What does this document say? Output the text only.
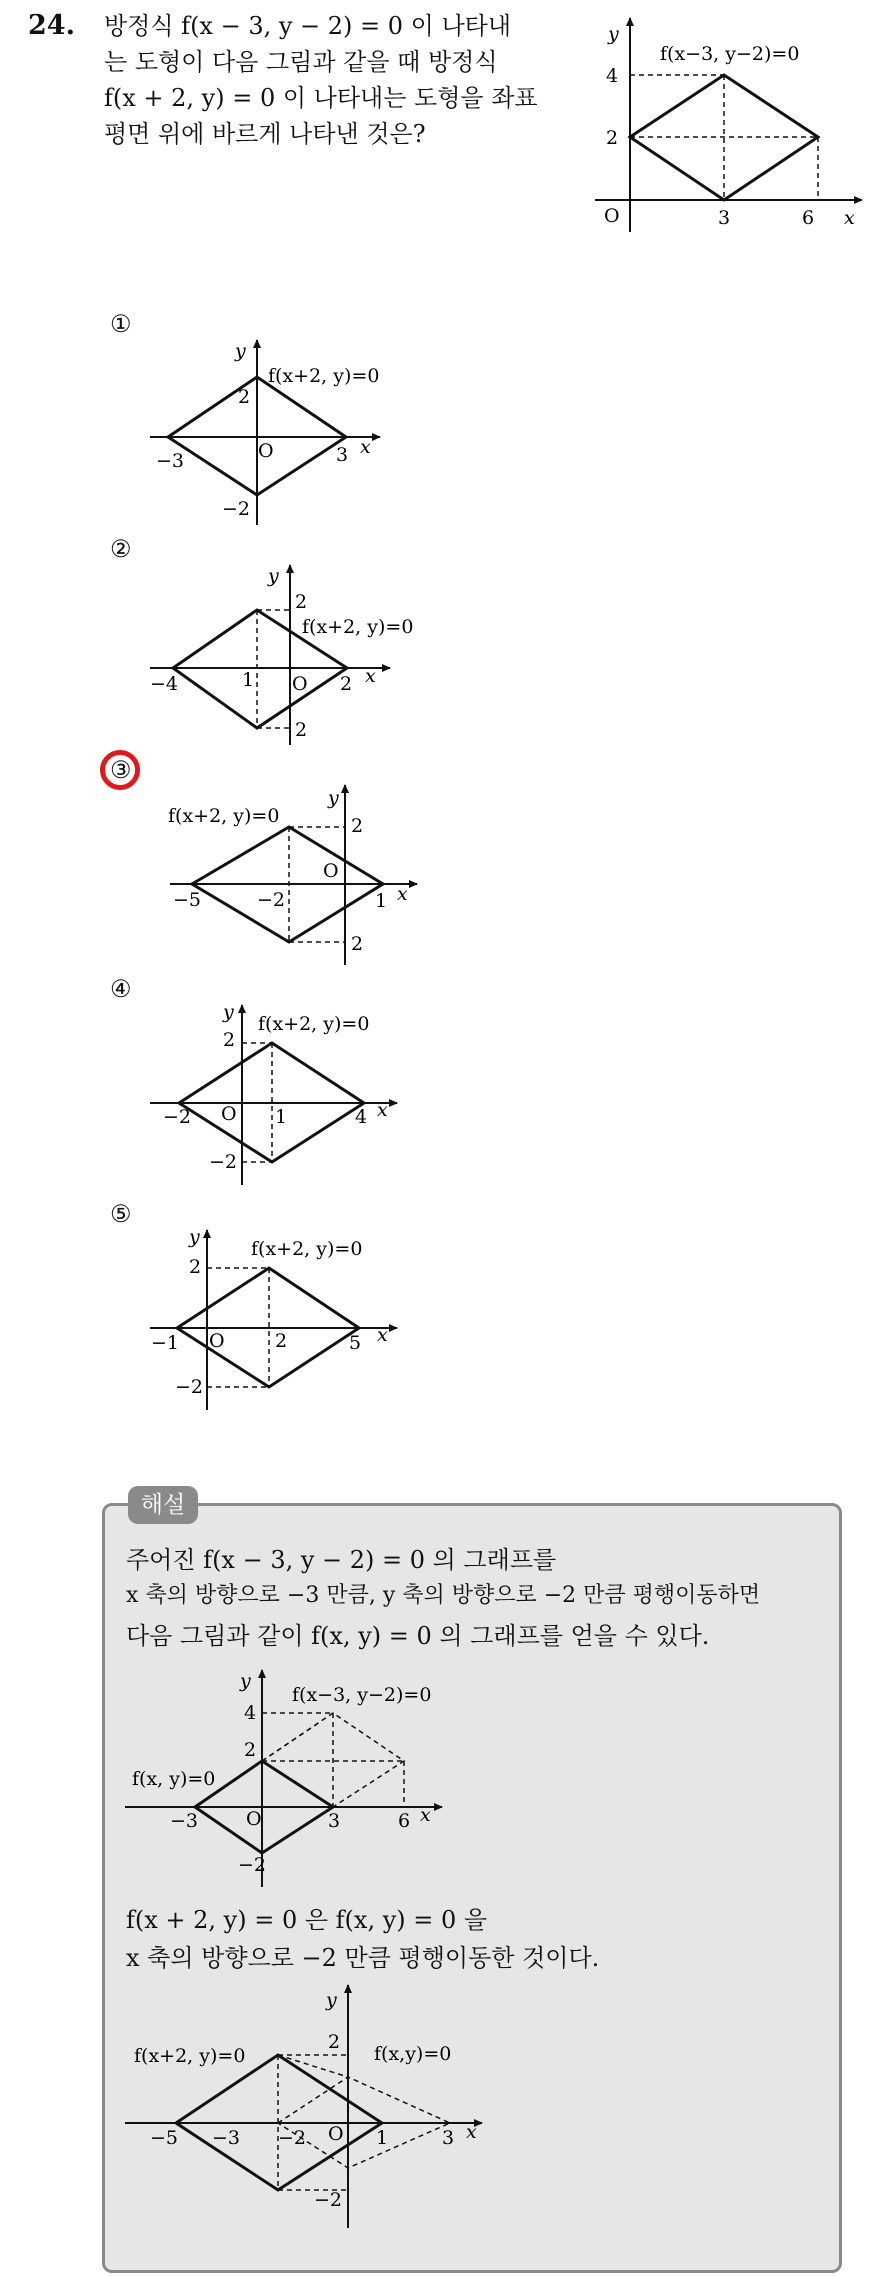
24. 방정식 f(x − 3, y − 2) = 0 이 나타내
는 도형이 다음 그림과 같을 때 방정식
f(x + 2, y) = 0 이 나타내는 도형을 좌표
평면 위에 바르게 나타낸 것은?
y
f(x−3, y−2)=0
4
2
O	3	6 x
①
y
f(x+2, y)=0
2
−3	O	3 x
−2
②
y
2
f(x+2, y)=0
−4	1 O 2 x
2
③
y
f(x+2, y)=0	2
O
−5	−2	1 x
2
④
y
2
f(x+2, y)=0
−2 O 1	4 x
−2
⑤
y
2
f(x+2, y)=0
−1 O	2	5 x
−2
해설
주어진 f(x − 3, y − 2) = 0 의 그래프를
x 축의 방향으로 −3 만큼, y 축의 방향으로 −2 만큼 평행이동하면
다음 그림과 같이 f(x, y) = 0 의 그래프를 얻을 수 있다.
y
4
f(x−3, y−2)=0
2
f(x, y)=0
−3	O	3	6 x
−2
f(x + 2, y) = 0 은 f(x, y) = 0 을
x 축의 방향으로 −2 만큼 평행이동한 것이다.
y
f(x+2, y)=0
2
f(x,y)=0
−5 −3 −2 O 1	3 x
−2
